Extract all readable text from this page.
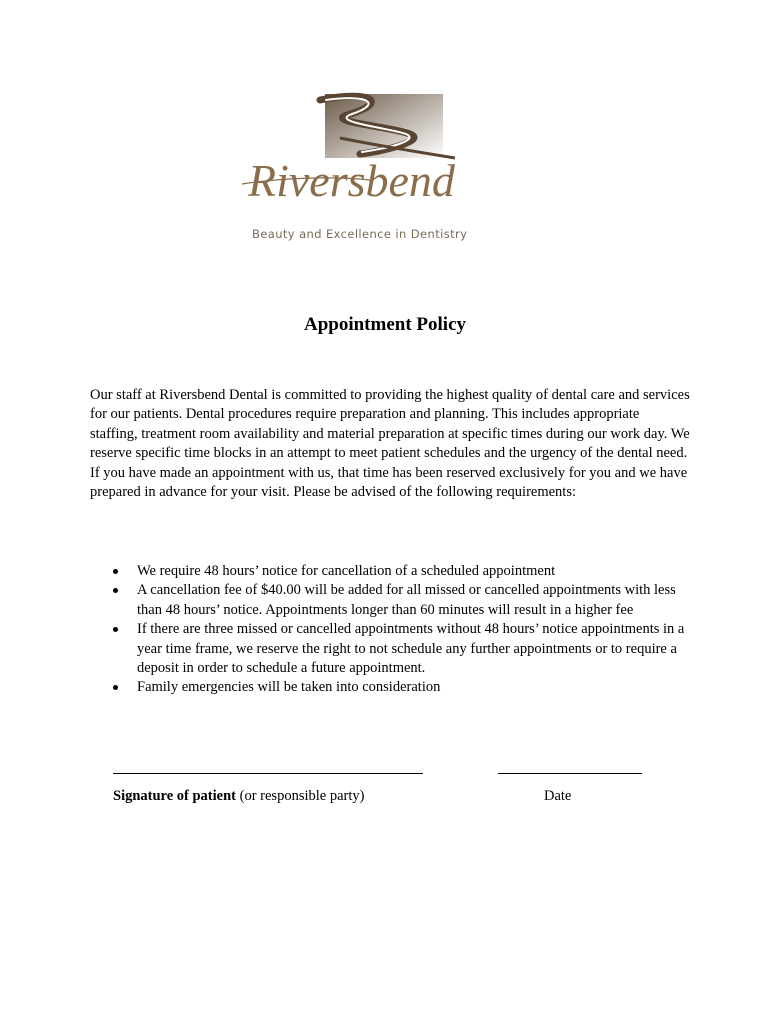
Riversbend
Beauty and Excellence in Dentistry
Appointment Policy

Our staff at Riversbend Dental is committed to providing the highest quality of dental care and services for our patients. Dental procedures require preparation and planning. This includes appropriate staffing, treatment room availability and material preparation at specific times during our work day. We reserve specific time blocks in an attempt to meet patient schedules and the urgency of the dental need. If you have made an appointment with us, that time has been reserved exclusively for you and we have prepared in advance for your visit. Please be advised of the following requirements:

We require 48 hours’ notice for cancellation of a scheduled appointment
A cancellation fee of $40.00 will be added for all missed or cancelled appointments with less than 48 hours’ notice. Appointments longer than 60 minutes will result in a higher fee
If there are three missed or cancelled appointments without 48 hours’ notice appointments in a year time frame, we reserve the right to not schedule any further appointments or to require a deposit in order to schedule a future appointment.
Family emergencies will be taken into consideration
Signature of patient (or responsible party)	Date
